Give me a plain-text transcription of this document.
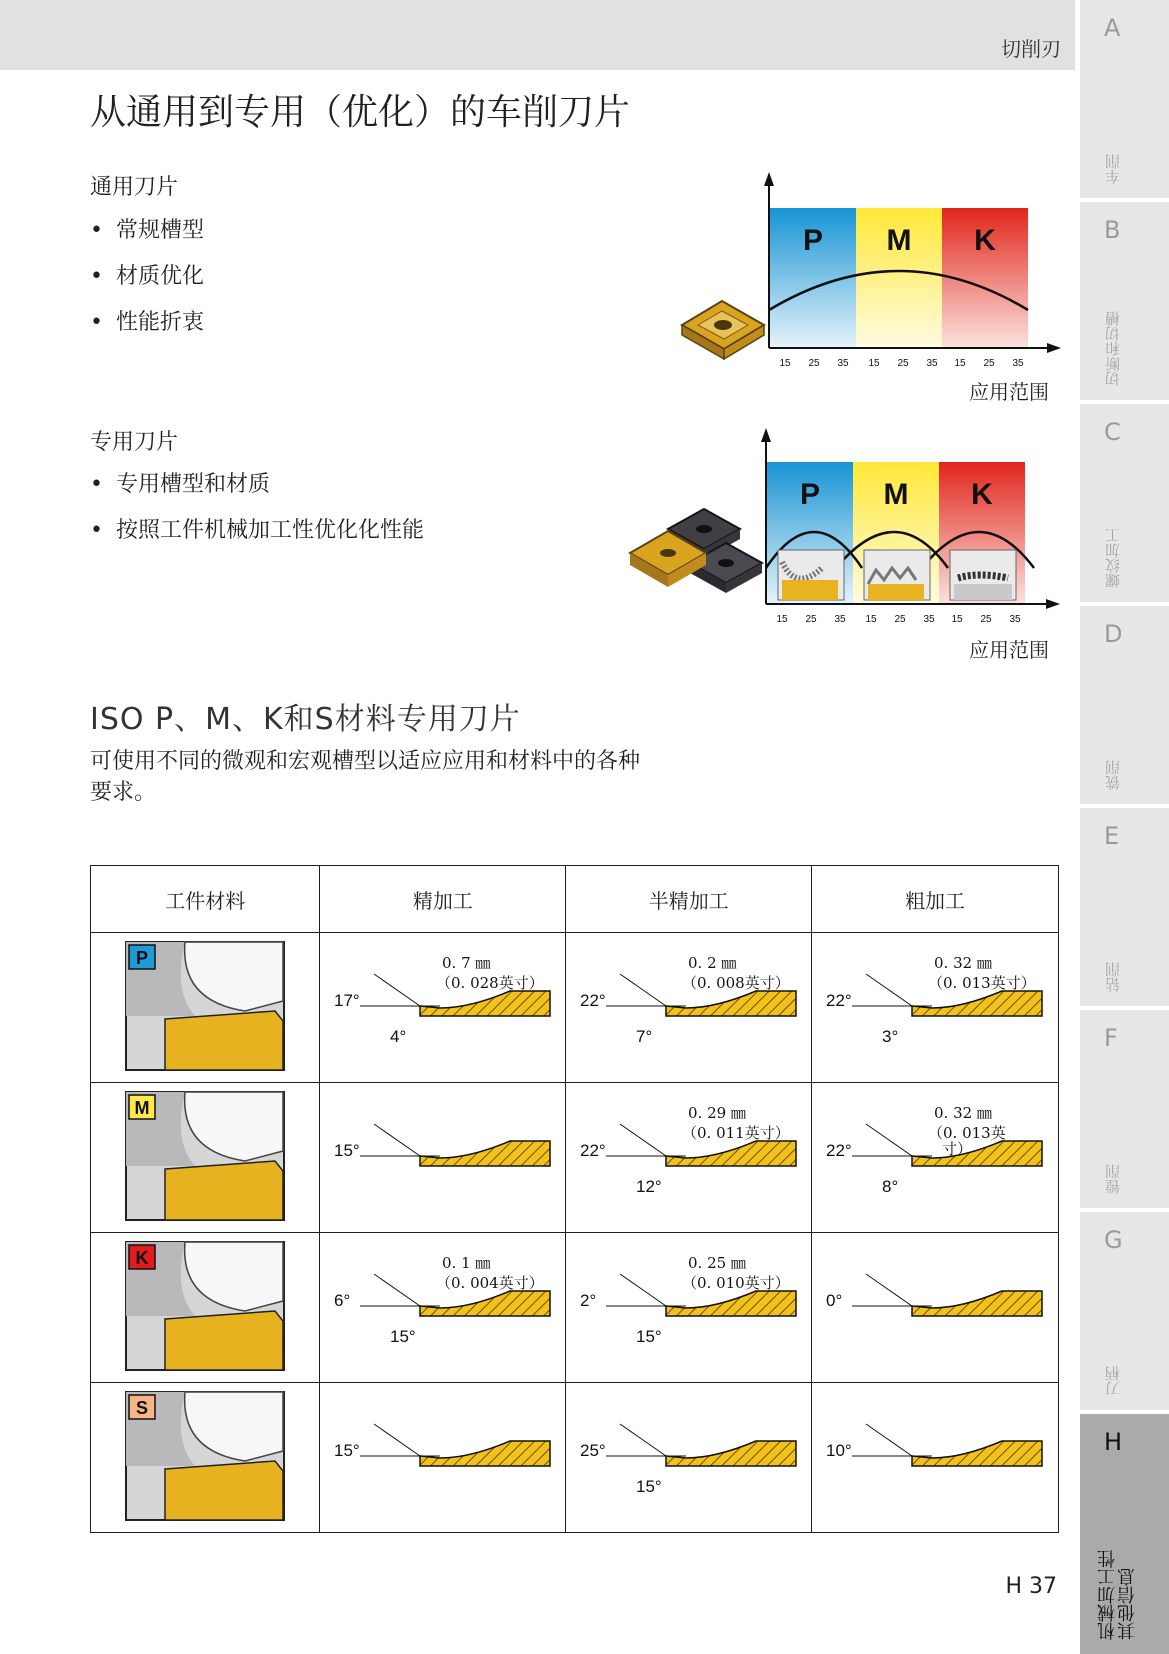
切削刃
A
车削
B
切断和切槽
C
螺纹加工
D
铣削
E
钻削
F
镗削
G
刀柄
H
机械加工性
其他信息
从通用到专用（优化）的车削刀片
通用刀片
• 常规槽型
• 材质优化
• 性能折衷
专用刀片
• 专用槽型和材质
• 按照工件机械加工性优化化性能
P M K
15 25 35 15 25 35 15 25 35
应用范围
P M K
15 25 35 15 25 35 15 25 35
应用范围
ISO P、M、K和S材料专用刀片

可使用不同的微观和宏观槽型以适应应用和材料中的各种要求。

工件材料	精加工	半精加工	粗加工

P	17°
4°
0. 7 ㎜
（0. 028英寸）	22°
7°
0. 2 ㎜
（0. 008英寸）	22°
3°
0. 32 ㎜
（0. 013英寸）

M	15°	22°
12°
0. 29 ㎜
（0. 011英寸）	22°
8°
0. 32 ㎜
（0. 013英
寸）

K	6°
15°
0. 1 ㎜
（0. 004英寸）	2°
15°
0. 25 ㎜
（0. 010英寸）	0°

S	15°	25°
15°	10°
H 37
